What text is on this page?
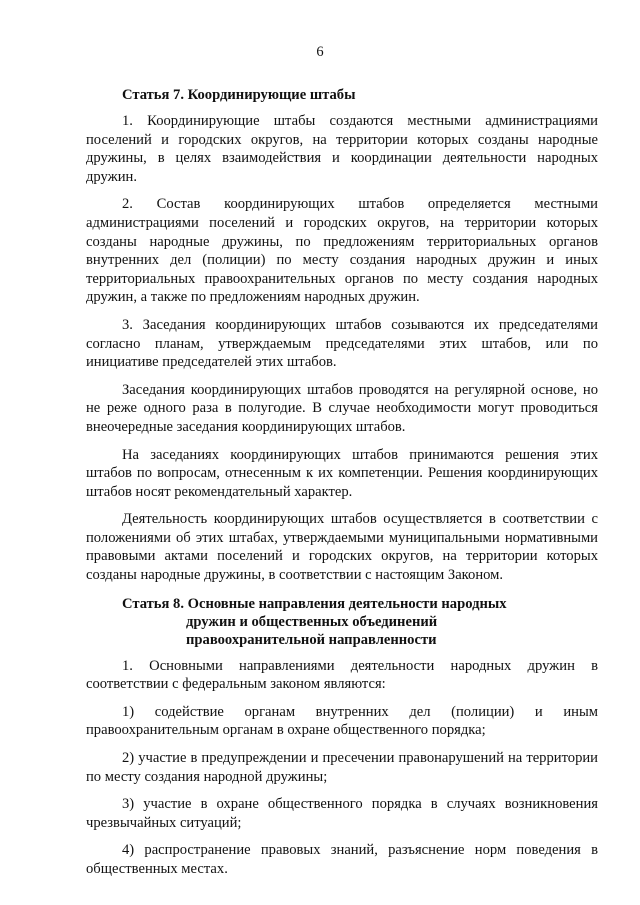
6
Статья 7. Координирующие штабы

1. Координирующие штабы создаются местными администрациями поселений и городских округов, на территории которых созданы народные дружины, в целях взаимодействия и координации деятельности народных дружин.

2. Состав координирующих штабов определяется местными администрациями поселений и городских округов, на территории которых созданы народные дружины, по предложениям территориальных органов внутренних дел (полиции) по месту создания народных дружин и иных территориальных правоохранительных органов по месту создания народных дружин, а также по предложениям народных дружин.

3. Заседания координирующих штабов созываются их председателями согласно планам, утверждаемым председателями этих штабов, или по инициативе председателей этих штабов.

Заседания координирующих штабов проводятся на регулярной основе, но не реже одного раза в полугодие. В случае необходимости могут проводиться внеочередные заседания координирующих штабов.

На заседаниях координирующих штабов принимаются решения этих штабов по вопросам, отнесенным к их компетенции. Решения координирующих штабов носят рекомендательный характер.

Деятельность координирующих штабов осуществляется в соответствии с положениями об этих штабах, утверждаемыми муниципальными нормативными правовыми актами поселений и городских округов, на территории которых созданы народные дружины, в соответствии с настоящим Законом.

Статья 8. Основные направления деятельности народных
дружин и общественных объединений
правоохранительной направленности

1. Основными направлениями деятельности народных дружин в соответствии с федеральным законом являются:

1) содействие органам внутренних дел (полиции) и иным правоохранительным органам в охране общественного порядка;

2) участие в предупреждении и пресечении правонарушений на территории по месту создания народной дружины;

3) участие в охране общественного порядка в случаях возникновения чрезвычайных ситуаций;

4) распространение правовых знаний, разъяснение норм поведения в общественных местах.
